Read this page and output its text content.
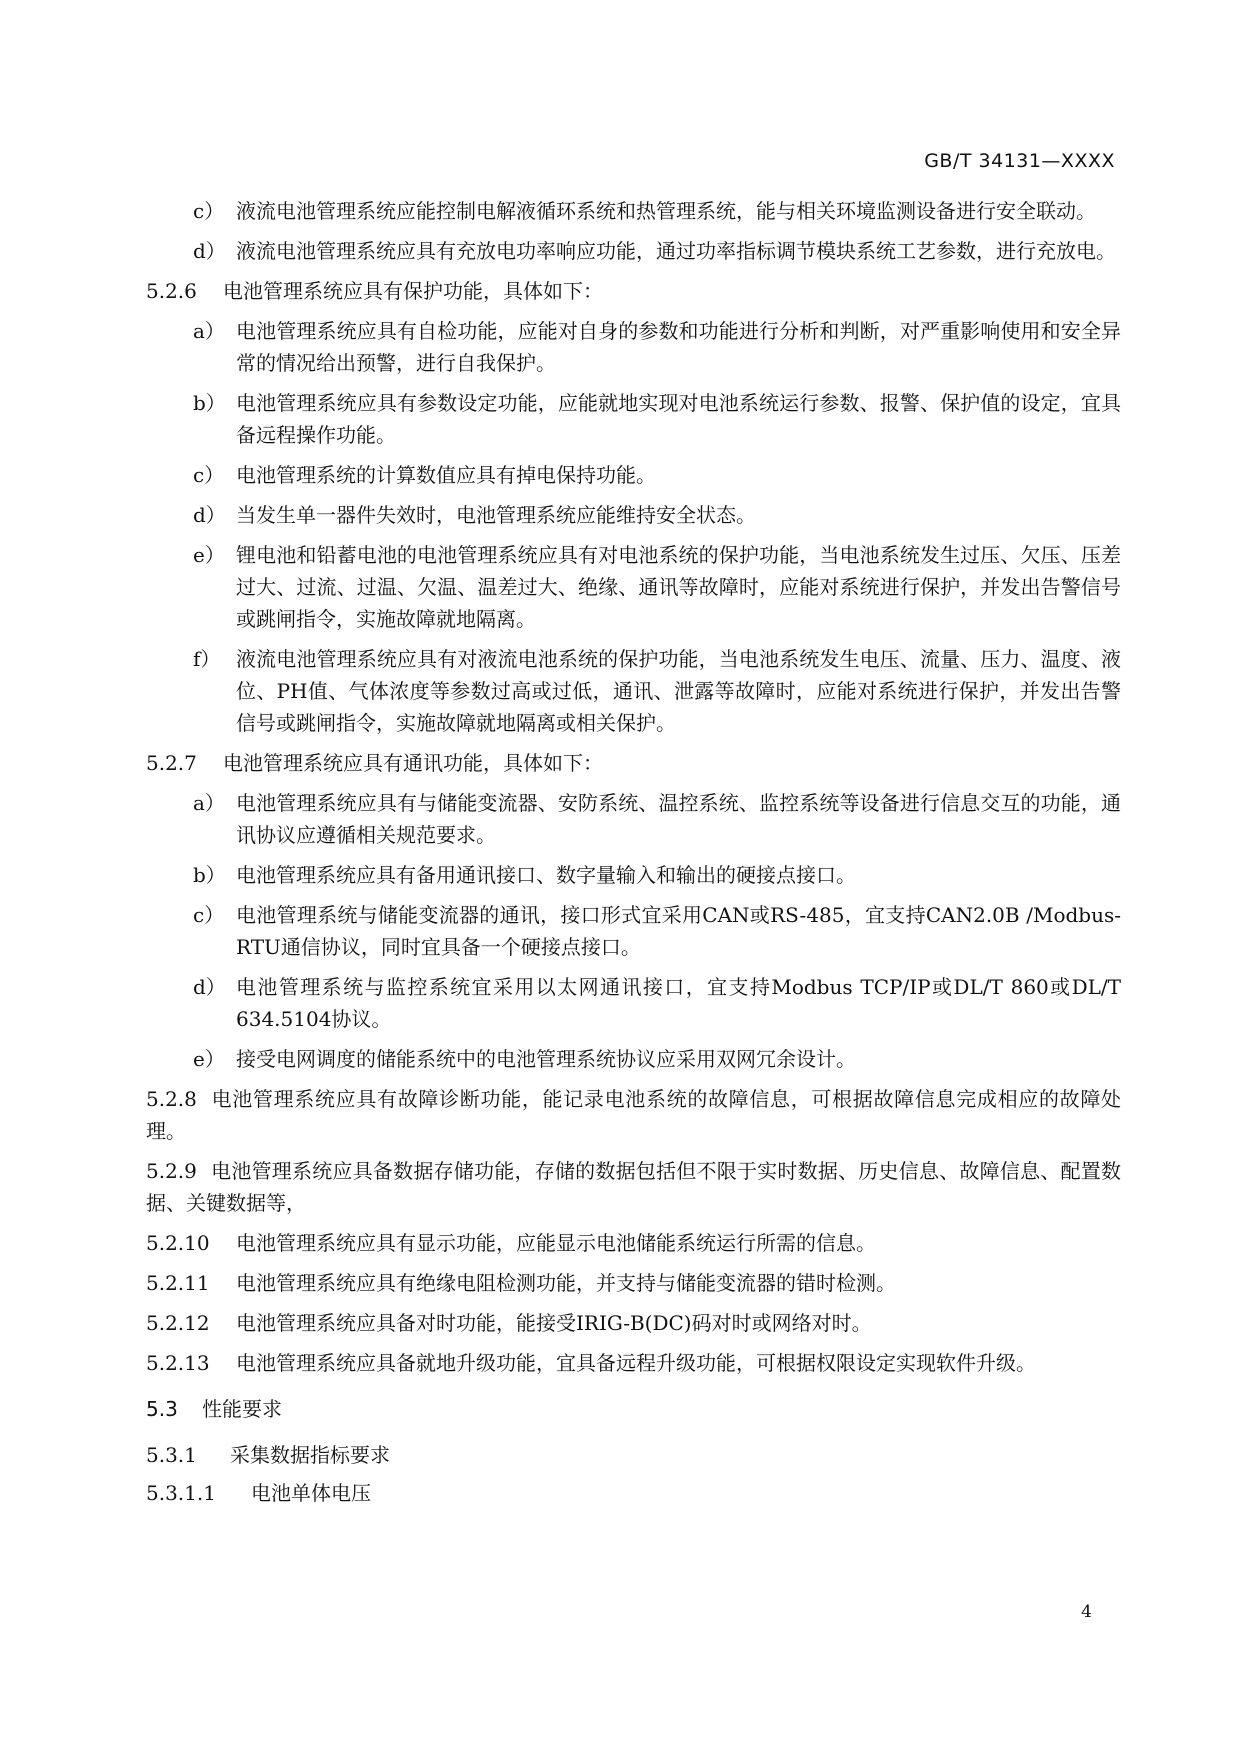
GB/T 34131—XXXX
c） 液流电池管理系统应能控制电解液循环系统和热管理系统，能与相关环境监测设备进行安全联动。
d） 液流电池管理系统应具有充放电功率响应功能，通过功率指标调节模块系统工艺参数，进行充放电。
5.2.6	电池管理系统应具有保护功能，具体如下：
a） 电池管理系统应具有自检功能，应能对自身的参数和功能进行分析和判断，对严重影响使用和安全异常的情况给出预警，进行自我保护。
b） 电池管理系统应具有参数设定功能，应能就地实现对电池系统运行参数、报警、保护值的设定，宜具备远程操作功能。
c） 电池管理系统的计算数值应具有掉电保持功能。
d） 当发生单一器件失效时，电池管理系统应能维持安全状态。
e） 锂电池和铅蓄电池的电池管理系统应具有对电池系统的保护功能，当电池系统发生过压、欠压、压差过大、过流、过温、欠温、温差过大、绝缘、通讯等故障时，应能对系统进行保护，并发出告警信号或跳闸指令，实施故障就地隔离。
f） 液流电池管理系统应具有对液流电池系统的保护功能，当电池系统发生电压、流量、压力、温度、液位、PH值、气体浓度等参数过高或过低，通讯、泄露等故障时，应能对系统进行保护，并发出告警信号或跳闸指令，实施故障就地隔离或相关保护。
5.2.7	电池管理系统应具有通讯功能，具体如下：
a） 电池管理系统应具有与储能变流器、安防系统、温控系统、监控系统等设备进行信息交互的功能，通讯协议应遵循相关规范要求。
b） 电池管理系统应具有备用通讯接口、数字量输入和输出的硬接点接口。
c） 电池管理系统与储能变流器的通讯，接口形式宜采用CAN或RS-485，宜支持CAN2.0B /Modbus-RTU通信协议，同时宜具备一个硬接点接口。
d） 电池管理系统与监控系统宜采用以太网通讯接口，宜支持Modbus TCP/IP或DL/T 860或DL/T 634.5104协议。
e） 接受电网调度的储能系统中的电池管理系统协议应采用双网冗余设计。
5.2.8 电池管理系统应具有故障诊断功能，能记录电池系统的故障信息，可根据故障信息完成相应的故障处理。
5.2.9 电池管理系统应具备数据存储功能，存储的数据包括但不限于实时数据、历史信息、故障信息、配置数据、关键数据等，
5.2.10	电池管理系统应具有显示功能，应能显示电池储能系统运行所需的信息。
5.2.11	电池管理系统应具有绝缘电阻检测功能，并支持与储能变流器的错时检测。
5.2.12	电池管理系统应具备对时功能，能接受IRIG-B(DC)码对时或网络对时。
5.2.13	电池管理系统应具备就地升级功能，宜具备远程升级功能，可根据权限设定实现软件升级。
5.3	性能要求
5.3.1	采集数据指标要求
5.3.1.1	电池单体电压
4
